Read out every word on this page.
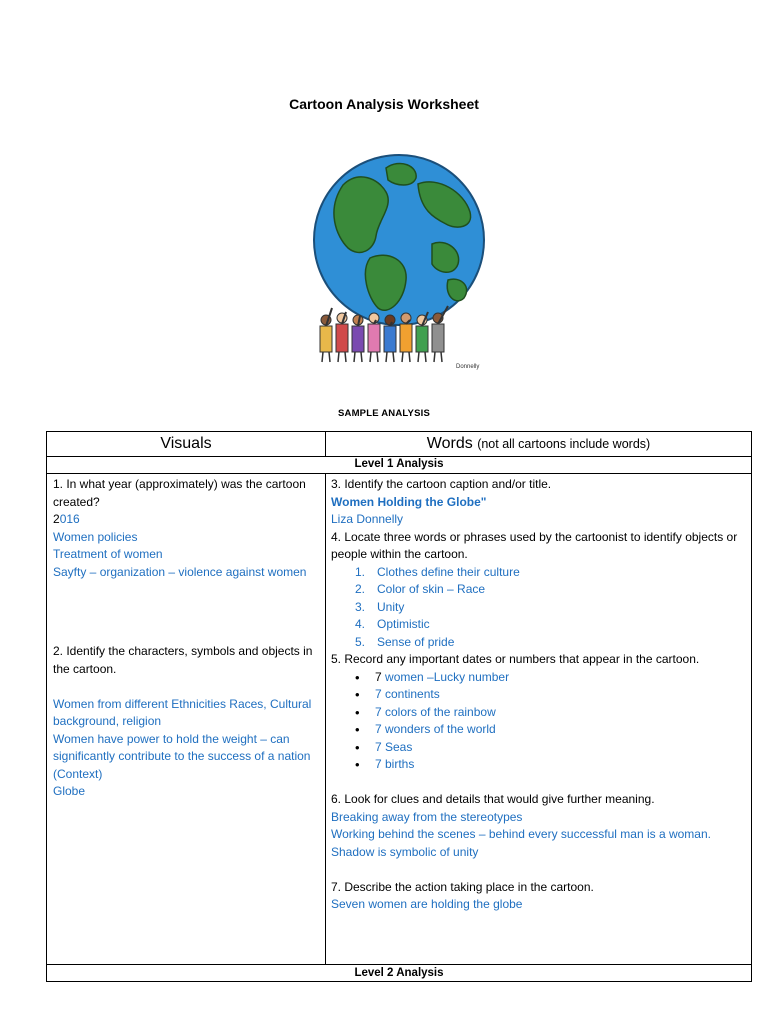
Cartoon Analysis Worksheet
Donnelly
SAMPLE ANALYSIS
Visuals	Words (not all cartoons include words)
Level 1 Analysis
1. In what year (approximately) was the cartoon created?
2016
Women policies
Treatment of women
Sayfty – organization – violence against women
2. Identify the characters, symbols and objects in the cartoon.
Women from different Ethnicities Races, Cultural background, religion
Women have power to hold the weight – can significantly contribute to the success of a nation (Context)
Globe
3. Identify the cartoon caption and/or title.
Women Holding the Globe"
Liza Donnelly
4. Locate three words or phrases used by the cartoonist to identify objects or people within the cartoon.
1. Clothes define their culture
2. Color of skin – Race
3. Unity
4. Optimistic
5. Sense of pride
5. Record any important dates or numbers that appear in the cartoon.
• 7 women –Lucky number
• 7 continents
• 7 colors of the rainbow
• 7 wonders of the world
• 7 Seas
• 7 births
6. Look for clues and details that would give further meaning.
Breaking away from the stereotypes
Working behind the scenes – behind every successful man is a woman.
Shadow is symbolic of unity
7. Describe the action taking place in the cartoon.
Seven women are holding the globe
Level 2 Analysis
